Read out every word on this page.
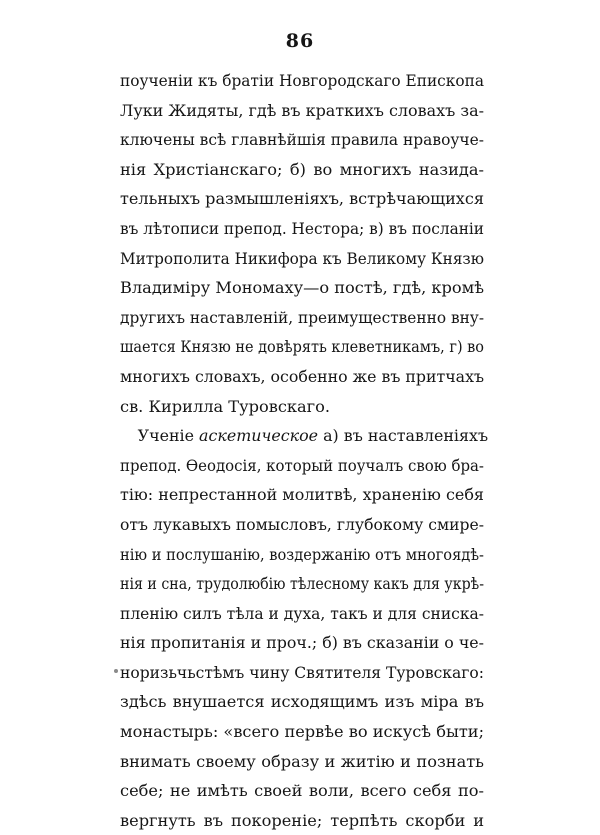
86
поученіи къ братіи Новгородскаго Епископа
Луки Жидяты, гдѣ въ краткихъ словахъ за-
ключены всѣ главнѣйшія правила нравоуче-
нія Христіанскаго; б) во многихъ назида-
тельныхъ размышленіяхъ, встрѣчающихся
въ лѣтописи препод. Нестора; в) въ посланіи
Митрополита Никифора къ Великому Князю
Владиміру Мономаху—о постѣ, гдѣ, кромѣ
другихъ наставленій, преимущественно вну-
шается Князю не довѣрять клеветникамъ, г) во
многихъ словахъ, особенно же въ притчахъ
св. Кирилла Туровскаго.
Ученіе аскетическое а) въ наставленіяхъ
препод. Ѳеодосія, который поучалъ свою бра-
тію: непрестанной молитвѣ, храненію себя
отъ лукавыхъ помысловъ, глубокому смире-
нію и послушанію, воздержанію отъ многоядѣ-
нія и сна, трудолюбію тѣлесному какъ для укрѣ-
пленію силъ тѣла и духа, такъ и для сниска-
нія пропитанія и проч.; б) въ сказаніи о че-
норизьчьстѣмъ чину Святителя Туровскаго:
здѣсь внушается исходящимъ изъ міра въ
монастырь: «всего первѣе во искусѣ быти;
внимать своему образу и житію и познать
себе; не имѣть своей воли, всего себя по-
вергнуть въ покореніе; терпѣть скорби и
